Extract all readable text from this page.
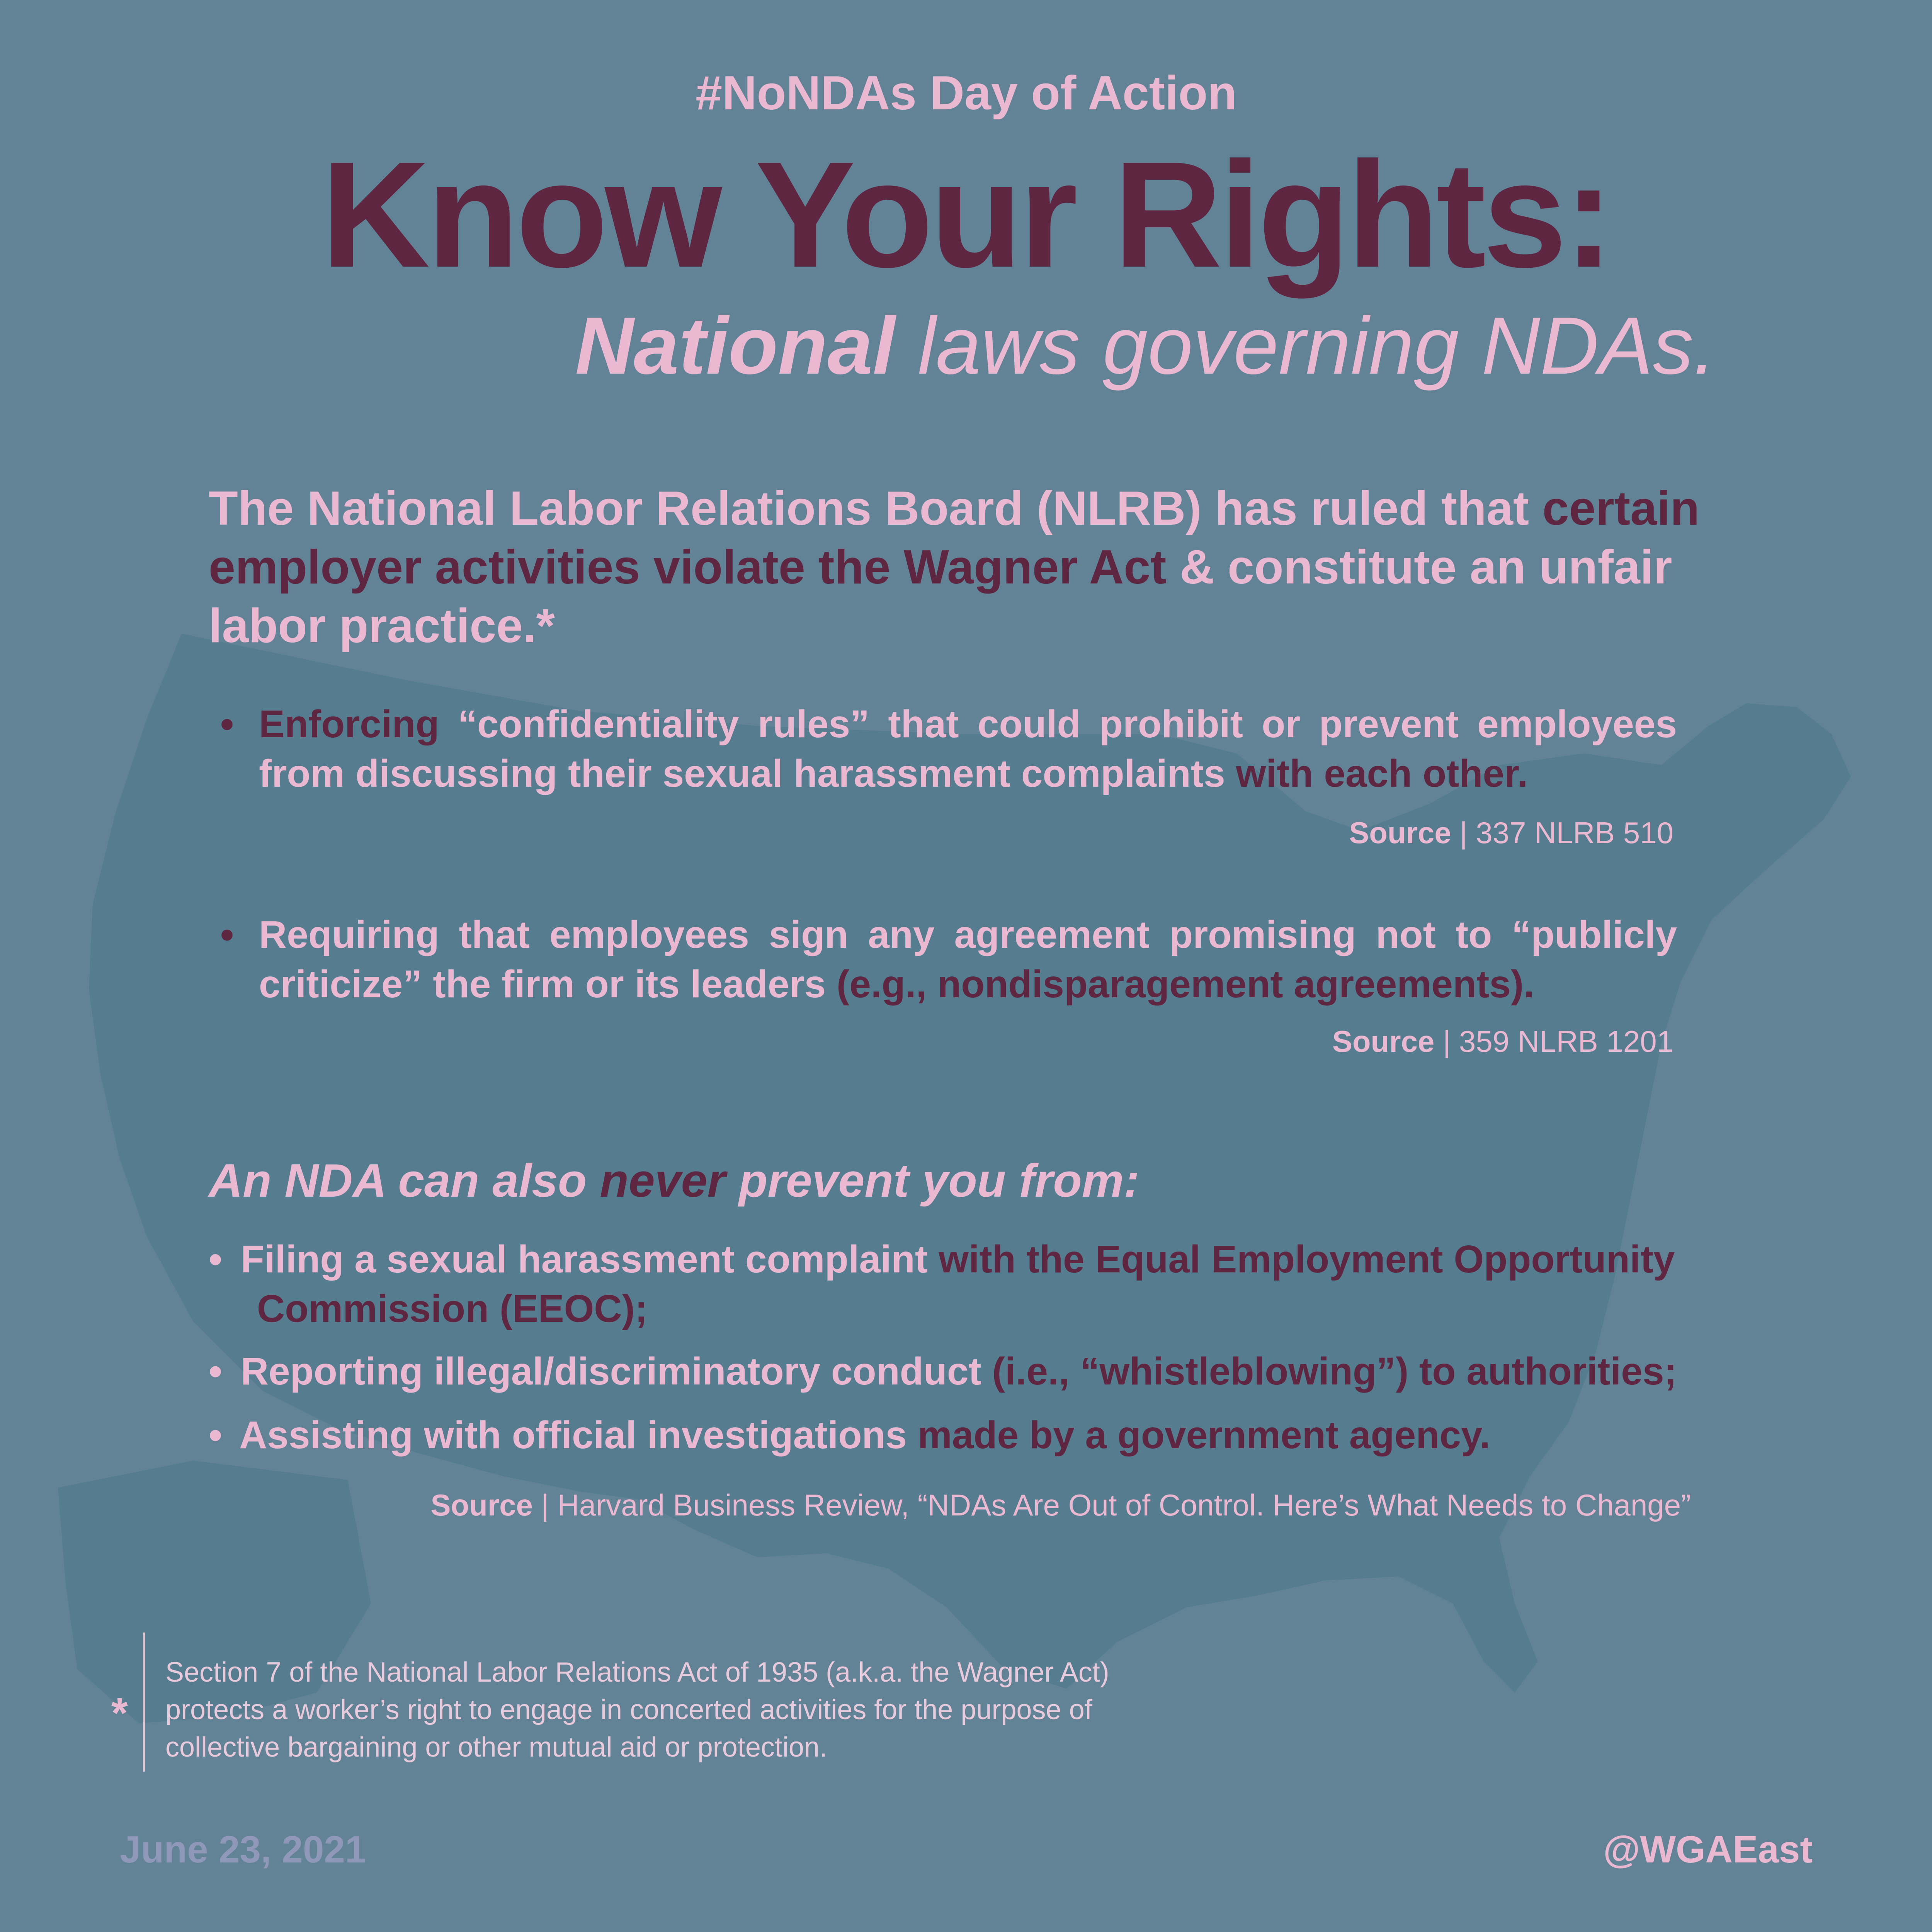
#NoNDAs Day of Action
Know Your Rights:
National laws governing NDAs.
The National Labor Relations Board (NLRB) has ruled that certain employer activities violate the Wagner Act & constitute an unfair labor practice.*
• Enforcing “confidentiality rules” that could prohibit or prevent employees from discussing their sexual harassment complaints with each other.
Source | 337 NLRB 510
• Requiring that employees sign any agreement promising not to “publicly criticize” the firm or its leaders (e.g., nondisparagement agreements).
Source | 359 NLRB 1201
An NDA can also never prevent you from:
• Filing a sexual harassment complaint with the Equal Employment Opportunity
Commission (EEOC);
• Reporting illegal/discriminatory conduct (i.e., “whistleblowing”) to authorities;
• Assisting with official investigations made by a government agency.
Source | Harvard Business Review, “NDAs Are Out of Control. Here’s What Needs to Change”
*
Section 7 of the National Labor Relations Act of 1935 (a.k.a. the Wagner Act)
protects a worker’s right to engage in concerted activities for the purpose of
collective bargaining or other mutual aid or protection.
June 23, 2021	@WGAEast
